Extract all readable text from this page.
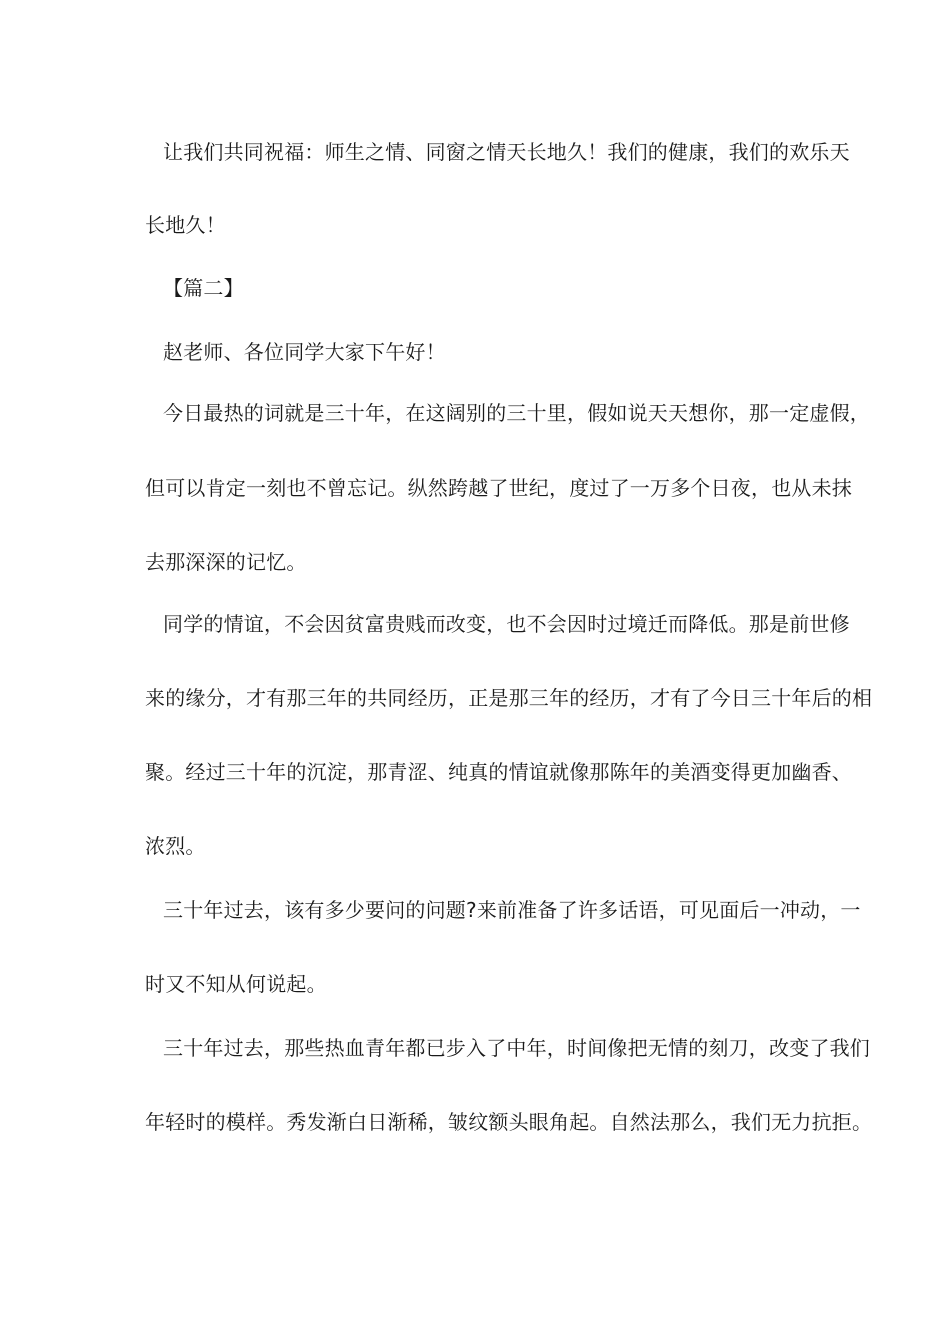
让我们共同祝福：师生之情、同窗之情天长地久！我们的健康，我们的欢乐天

长地久！

【篇二】

赵老师、各位同学大家下午好！

今日最热的词就是三十年，在这阔别的三十里，假如说天天想你，那一定虚假，

但可以肯定一刻也不曾忘记。纵然跨越了世纪，度过了一万多个日夜，也从未抹

去那深深的记忆。

同学的情谊，不会因贫富贵贱而改变，也不会因时过境迁而降低。那是前世修

来的缘分，才有那三年的共同经历，正是那三年的经历，才有了今日三十年后的相

聚。经过三十年的沉淀，那青涩、纯真的情谊就像那陈年的美酒变得更加幽香、

浓烈。

三十年过去，该有多少要问的问题?来前准备了许多话语，可见面后一冲动，一

时又不知从何说起。

三十年过去，那些热血青年都已步入了中年，时间像把无情的刻刀，改变了我们

年轻时的模样。秀发渐白日渐稀，皱纹额头眼角起。自然法那么，我们无力抗拒。
